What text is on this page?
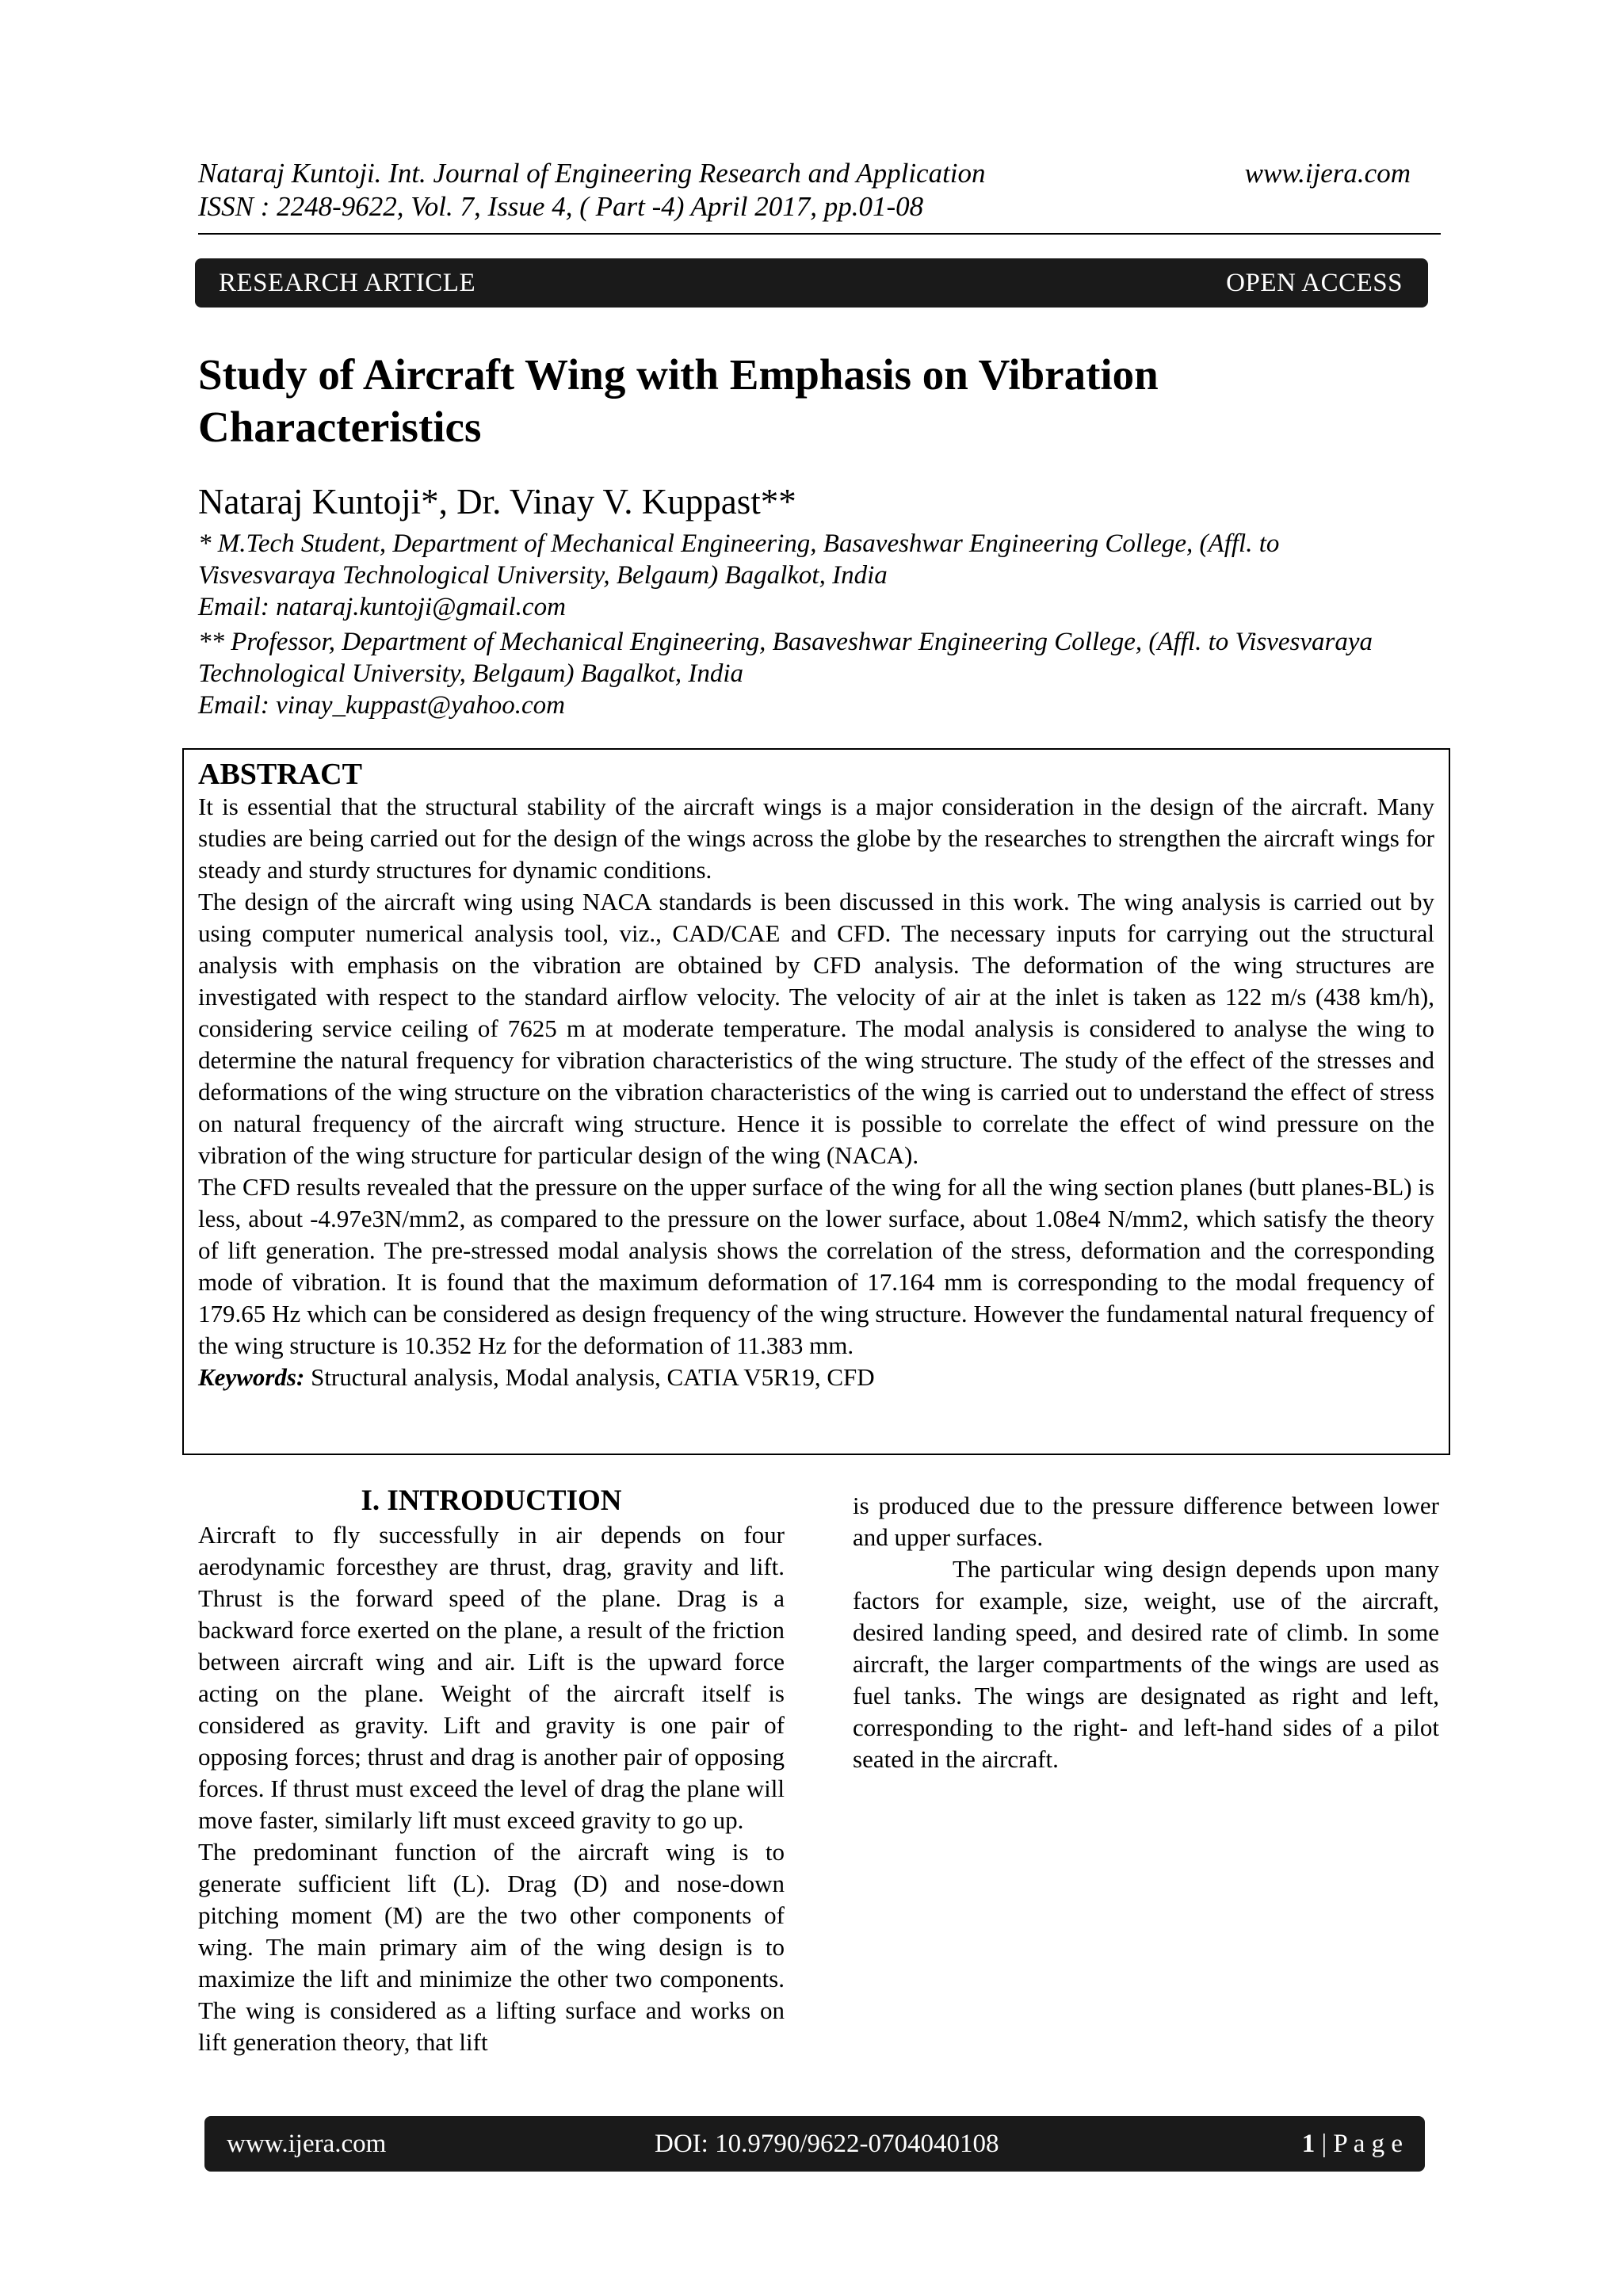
Nataraj Kuntoji. Int. Journal of Engineering Research and Application	www.ijera.com
ISSN : 2248-9622, Vol. 7, Issue 4, ( Part -4) April 2017, pp.01-08
RESEARCH ARTICLE	OPEN ACCESS
Study of Aircraft Wing with Emphasis on Vibration
Characteristics
Nataraj Kuntoji*, Dr. Vinay V. Kuppast**
* M.Tech Student, Department of Mechanical Engineering, Basaveshwar Engineering College, (Affl. to
Visvesvaraya Technological University, Belgaum) Bagalkot, India
Email: nataraj.kuntoji@gmail.com
** Professor, Department of Mechanical Engineering, Basaveshwar Engineering College, (Affl. to Visvesvaraya
Technological University, Belgaum) Bagalkot, India
Email: vinay_kuppast@yahoo.com
ABSTRACT

It is essential that the structural stability of the aircraft wings is a major consideration in the design of the aircraft. Many studies are being carried out for the design of the wings across the globe by the researches to strengthen the aircraft wings for steady and sturdy structures for dynamic conditions.

The design of the aircraft wing using NACA standards is been discussed in this work. The wing analysis is carried out by using computer numerical analysis tool, viz., CAD/CAE and CFD. The necessary inputs for carrying out the structural analysis with emphasis on the vibration are obtained by CFD analysis. The deformation of the wing structures are investigated with respect to the standard airflow velocity. The velocity of air at the inlet is taken as 122 m/s (438 km/h), considering service ceiling of 7625 m at moderate temperature. The modal analysis is considered to analyse the wing to determine the natural frequency for vibration characteristics of the wing structure. The study of the effect of the stresses and deformations of the wing structure on the vibration characteristics of the wing is carried out to understand the effect of stress on natural frequency of the aircraft wing structure. Hence it is possible to correlate the effect of wind pressure on the vibration of the wing structure for particular design of the wing (NACA).

The CFD results revealed that the pressure on the upper surface of the wing for all the wing section planes (butt planes-BL) is less, about -4.97e3N/mm2, as compared to the pressure on the lower surface, about 1.08e4 N/mm2, which satisfy the theory of lift generation. The pre-stressed modal analysis shows the correlation of the stress, deformation and the corresponding mode of vibration. It is found that the maximum deformation of 17.164 mm is corresponding to the modal frequency of 179.65 Hz which can be considered as design frequency of the wing structure. However the fundamental natural frequency of the wing structure is 10.352 Hz for the deformation of 11.383 mm.

Keywords: Structural analysis, Modal analysis, CATIA V5R19, CFD

I. INTRODUCTION

Aircraft to fly successfully in air depends on four aerodynamic forcesthey are thrust, drag, gravity and lift. Thrust is the forward speed of the plane. Drag is a backward force exerted on the plane, a result of the friction between aircraft wing and air. Lift is the upward force acting on the plane. Weight of the aircraft itself is considered as gravity. Lift and gravity is one pair of opposing forces; thrust and drag is another pair of opposing forces. If thrust must exceed the level of drag the plane will move faster, similarly lift must exceed gravity to go up.

The predominant function of the aircraft wing is to generate sufficient lift (L). Drag (D) and nose-down pitching moment (M) are the two other components of wing. The main primary aim of the wing design is to maximize the lift and minimize the other two components. The wing is considered as a lifting surface and works on lift generation theory, that lift

is produced due to the pressure difference between lower and upper surfaces.

The particular wing design depends upon many factors for example, size, weight, use of the aircraft, desired landing speed, and desired rate of climb. In some aircraft, the larger compartments of the wings are used as fuel tanks. The wings are designated as right and left, corresponding to the right- and left-hand sides of a pilot seated in the aircraft.

www.ijera.com	DOI: 10.9790/9622-0704040108	1 | P a g e
